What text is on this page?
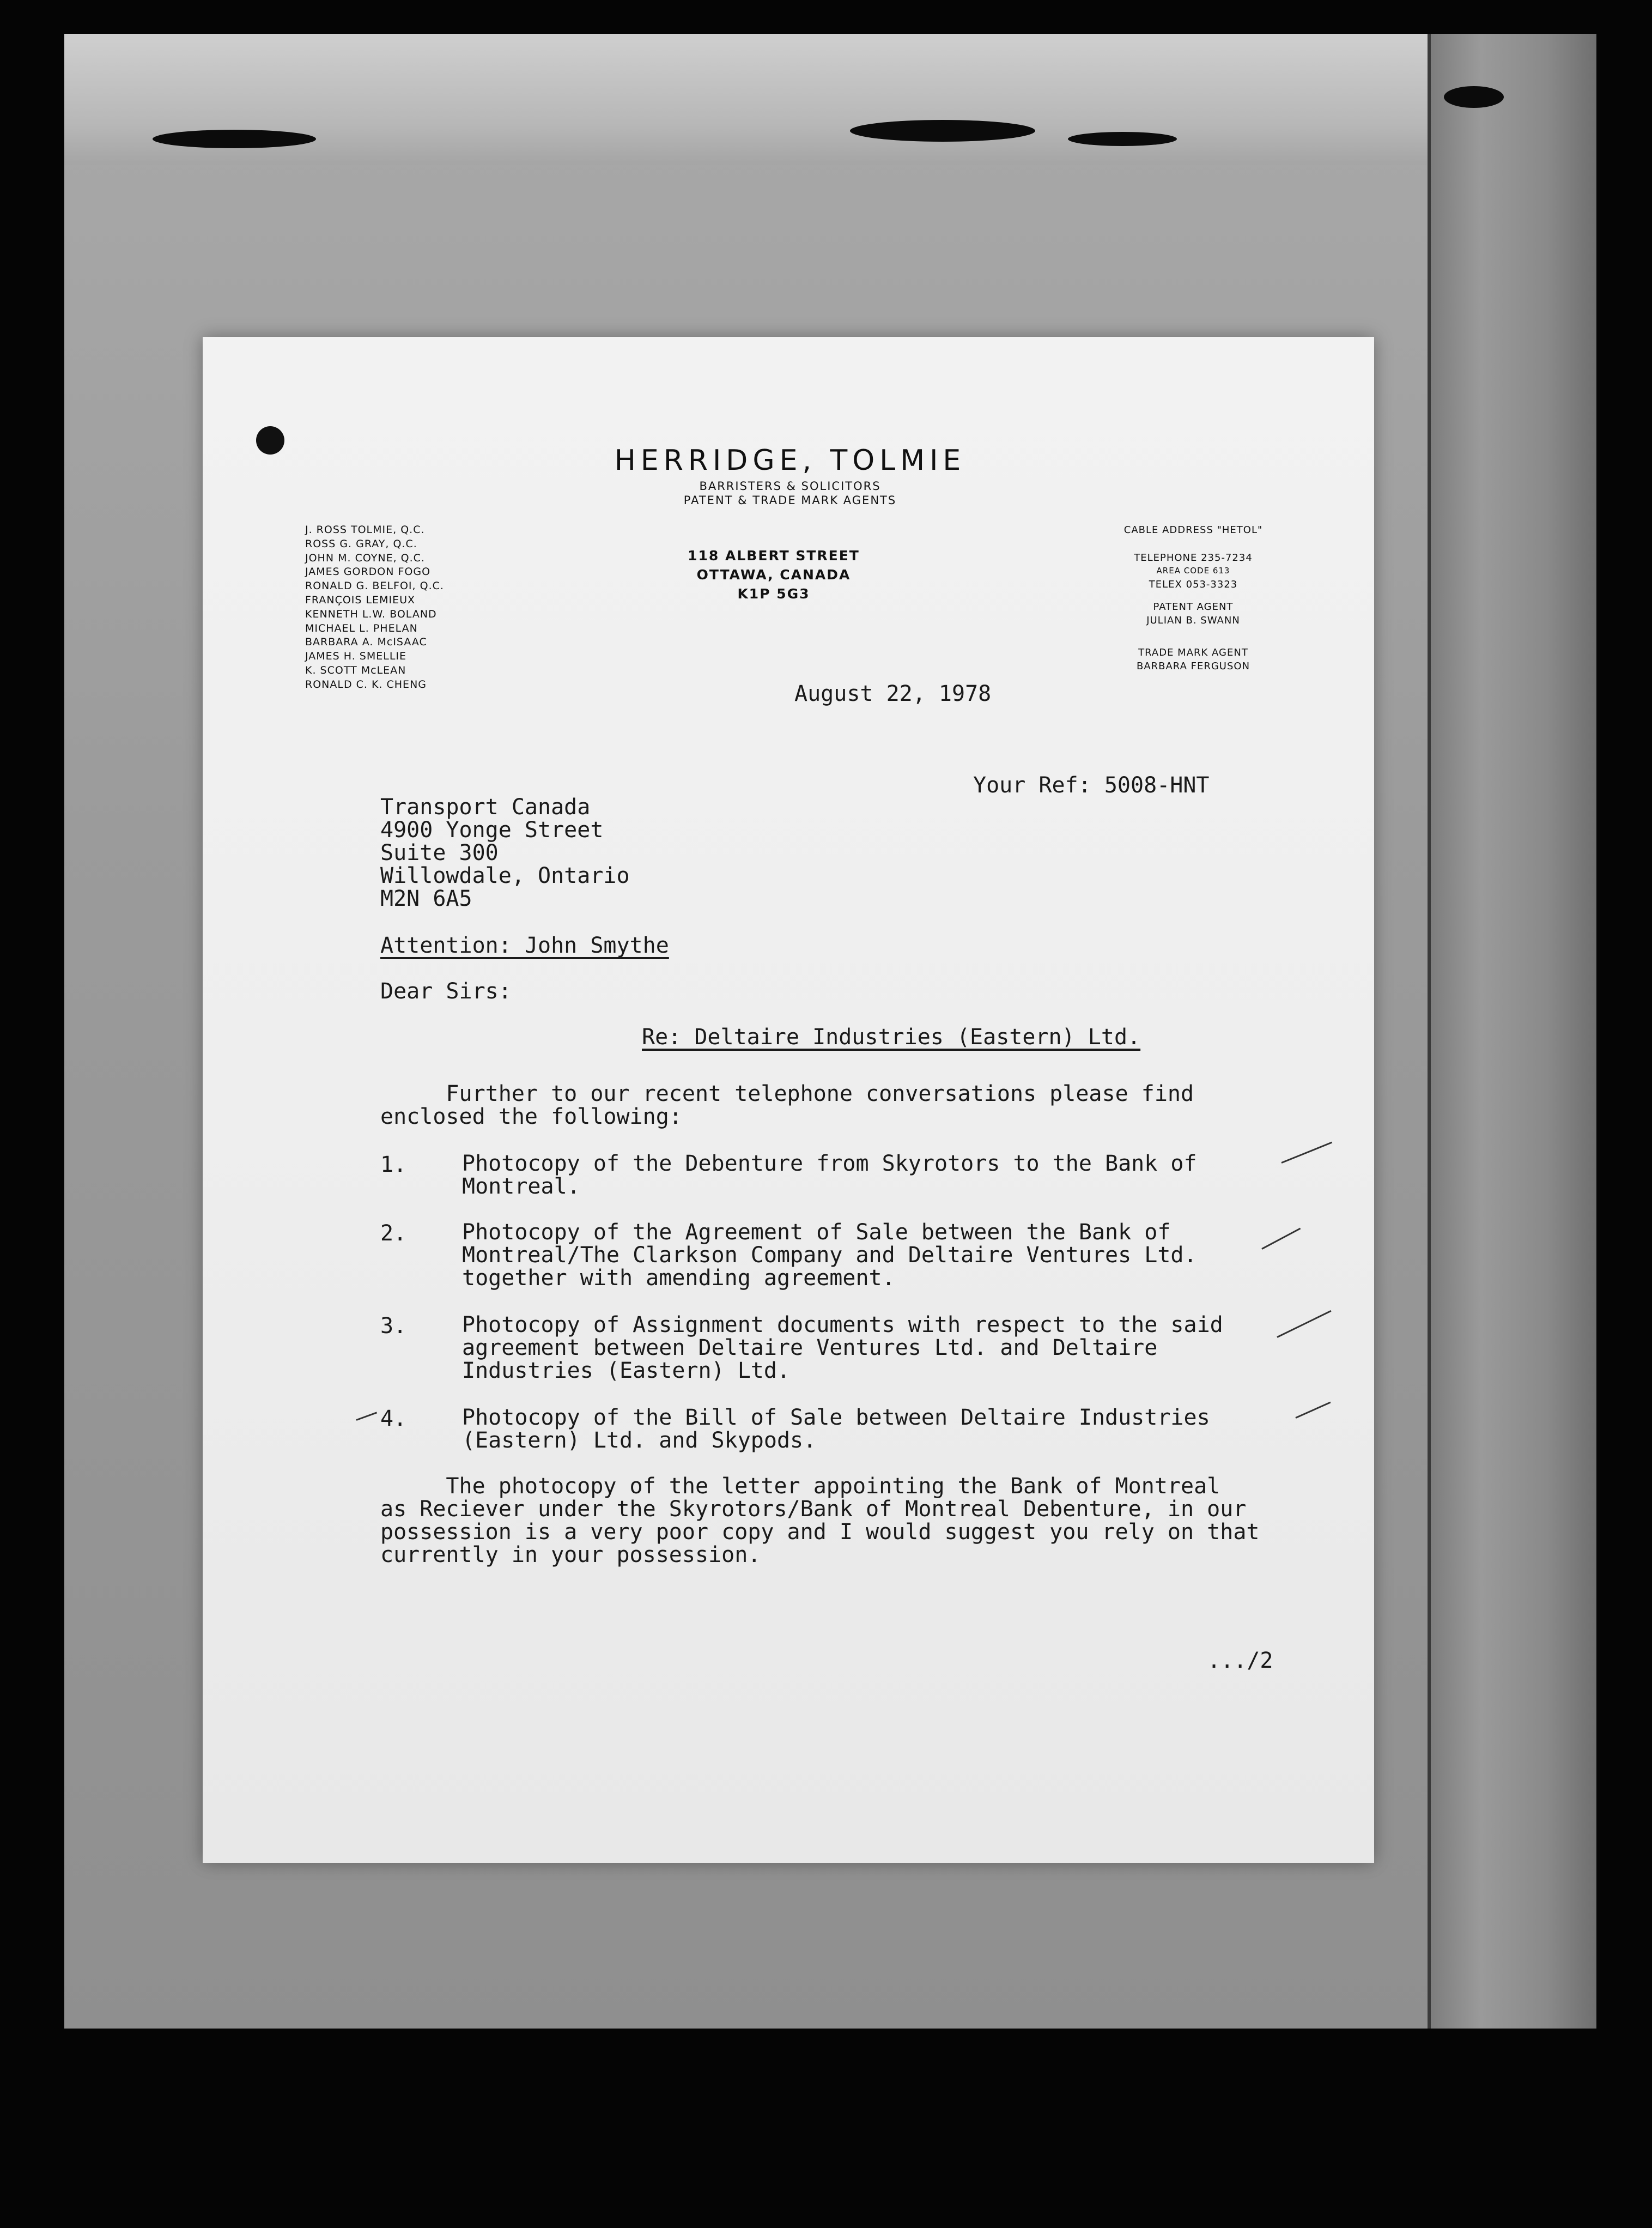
HERRIDGE, TOLMIE
BARRISTERS & SOLICITORS
PATENT & TRADE MARK AGENTS
J. ROSS TOLMIE, Q.C.
ROSS G. GRAY, Q.C.
JOHN M. COYNE, Q.C.
JAMES GORDON FOGO
RONALD G. BELFOI, Q.C.
FRANÇOIS LEMIEUX
KENNETH L.W. BOLAND
MICHAEL L. PHELAN
BARBARA A. McISAAC
JAMES H. SMELLIE
K. SCOTT McLEAN
RONALD C. K. CHENG
118 ALBERT STREET
OTTAWA, CANADA
K1P 5G3
CABLE ADDRESS "HETOL"
TELEPHONE 235-7234
AREA CODE 613
TELEX 053-3323
PATENT AGENT
JULIAN B. SWANN
TRADE MARK AGENT
BARBARA FERGUSON
August 22, 1978
Your Ref: 5008-HNT
Transport Canada
4900 Yonge Street
Suite 300
Willowdale, Ontario
M2N 6A5
Attention: John Smythe
Dear Sirs:
Re: Deltaire Industries (Eastern) Ltd.
Further to our recent telephone conversations please find
enclosed the following:
1.	Photocopy of the Debenture from Skyrotors to the Bank of
Montreal.
2.	Photocopy of the Agreement of Sale between the Bank of
Montreal/The Clarkson Company and Deltaire Ventures Ltd.
together with amending agreement.
3.	Photocopy of Assignment documents with respect to the said
agreement between Deltaire Ventures Ltd. and Deltaire
Industries (Eastern) Ltd.
4.	Photocopy of the Bill of Sale between Deltaire Industries
(Eastern) Ltd. and Skypods.
The photocopy of the letter appointing the Bank of Montreal
as Reciever under the Skyrotors/Bank of Montreal Debenture, in our
possession is a very poor copy and I would suggest you rely on that
currently in your possession.
.../2
